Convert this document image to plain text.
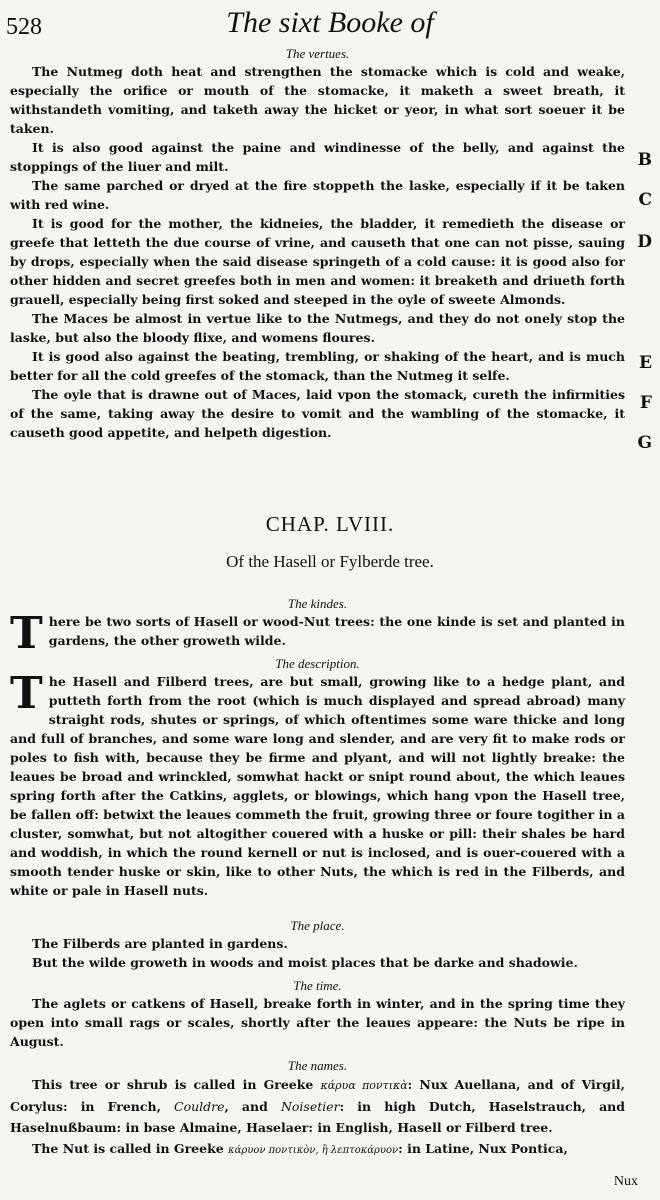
528	The sixt Booke of
The vertues.

The Nutmeg doth heat and strengthen the stomacke which is cold and weake, especially the orifice or mouth of the stomacke, it maketh a sweet breath, it withstandeth vomiting, and taketh away the hicket or yeor, in what sort soeuer it be taken.

It is also good against the paine and windinesse of the belly, and against the stoppings of the liuer and milt.

The same parched or dryed at the fire stoppeth the laske, especially if it be taken with red wine.

It is good for the mother, the kidneies, the bladder, it remedieth the disease or greefe that letteth the due course of vrine, and causeth that one can not pisse, sauing by drops, especially when the said disease springeth of a cold cause: it is good also for other hidden and secret greefes both in men and women: it breaketh and driueth forth grauell, especially being first soked and steeped in the oyle of sweete Almonds.

The Maces be almost in vertue like to the Nutmegs, and they do not onely stop the laske, but also the bloody flixe, and womens floures.

It is good also against the beating, trembling, or shaking of the heart, and is much better for all the cold greefes of the stomack, than the Nutmeg it selfe.

The oyle that is drawne out of Maces, laid vpon the stomack, cureth the infirmities of the same, taking away the desire to vomit and the wambling of the stomacke, it causeth good appetite, and helpeth digestion.

B
C
D
E
F
G
CHAP. LVIII.
Of the Hasell or Fylberde tree.
The kindes.

There be two sorts of Hasell or wood-Nut trees: the one kinde is set and planted in gardens, the other groweth wilde.

The description.

The Hasell and Filberd trees, are but small, growing like to a hedge plant, and putteth forth from the root (which is much displayed and spread abroad) many straight rods, shutes or springs, of which oftentimes some ware thicke and long and full of branches, and some ware long and slender, and are very fit to make rods or poles to fish with, because they be firme and plyant, and will not lightly breake: the leaues be broad and wrinckled, somwhat hackt or snipt round about, the which leaues spring forth after the Catkins, agglets, or blowings, which hang vpon the Hasell tree, be fallen off: betwixt the leaues commeth the fruit, growing three or foure togither in a cluster, somwhat, but not altogither couered with a huske or pill: their shales be hard and woddish, in which the round kernell or nut is inclosed, and is ouer-couered with a smooth tender huske or skin, like to other Nuts, the which is red in the Filberds, and white or pale in Hasell nuts.

The place.

The Filberds are planted in gardens.

But the wilde groweth in woods and moist places that be darke and shadowie.

The time.

The aglets or catkens of Hasell, breake forth in winter, and in the spring time they open into small rags or scales, shortly after the leaues appeare: the Nuts be ripe in August.

The names.

This tree or shrub is called in Greeke κάρυα ποντικὰ: Nux Auellana, and of Virgil, Corylus: in French, Couldre, and Noisetier: in high Dutch, Haselstrauch, and Haselnußbaum: in base Almaine, Haselaer: in English, Hasell or Filberd tree.

The Nut is called in Greeke κάρυον ποντικὸν, ἢ λεπτοκάρυον: in Latine, Nux Pontica,

Nux
